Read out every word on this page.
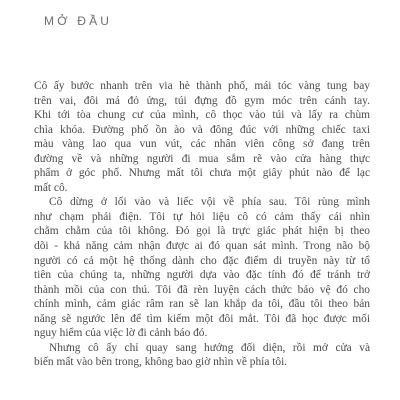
MỞ ĐẦU
Cô ấy bước nhanh trên via hè thành phố, mái tóc vàng tung bay
trên vai, đôi má đỏ ửng, túi đựng đồ gym móc trên cánh tay.
Khi tới tòa chung cư của mình, cô thọc vào túi và lấy ra chùm
chìa khóa. Đường phố ồn ào và đông đúc với những chiếc taxi
màu vàng lao qua vun vút, các nhân viên công sở đang trên
đường về và những người đi mua sắm rẽ vào cửa hàng thực
phẩm ở góc phố. Nhưng mất tôi chưa một giây phút nào để lạc
mất cô.
Cô dừng ở lối vào và liếc vội về phía sau. Tôi rùng mình
như chạm phải điện. Tôi tự hỏi liệu cô có cảm thấy cái nhìn
chằm chằm của tôi không. Đó gọi là trực giác phát hiện bị theo
dõi - khả năng cảm nhận được ai đó quan sát mình. Trong não bộ
người có cả một hệ thống dành cho đặc điểm di truyền này từ tổ
tiên của chúng ta, những người dựa vào đặc tính đó để tránh trở
thành mồi của con thú. Tôi đã rèn luyện cách thức bảo vệ đó cho
chính mình, cảm giác râm ran sẽ lan khắp da tôi, đầu tôi theo bản
năng sẽ ngước lên để tìm kiếm một đôi mắt. Tôi đã học được mối
nguy hiểm của việc lờ đi cảnh báo đó.
Nhưng cô ấy chỉ quay sang hướng đối diện, rồi mở cửa và
biến mất vào bên trong, không bao giờ nhìn về phía tôi.
